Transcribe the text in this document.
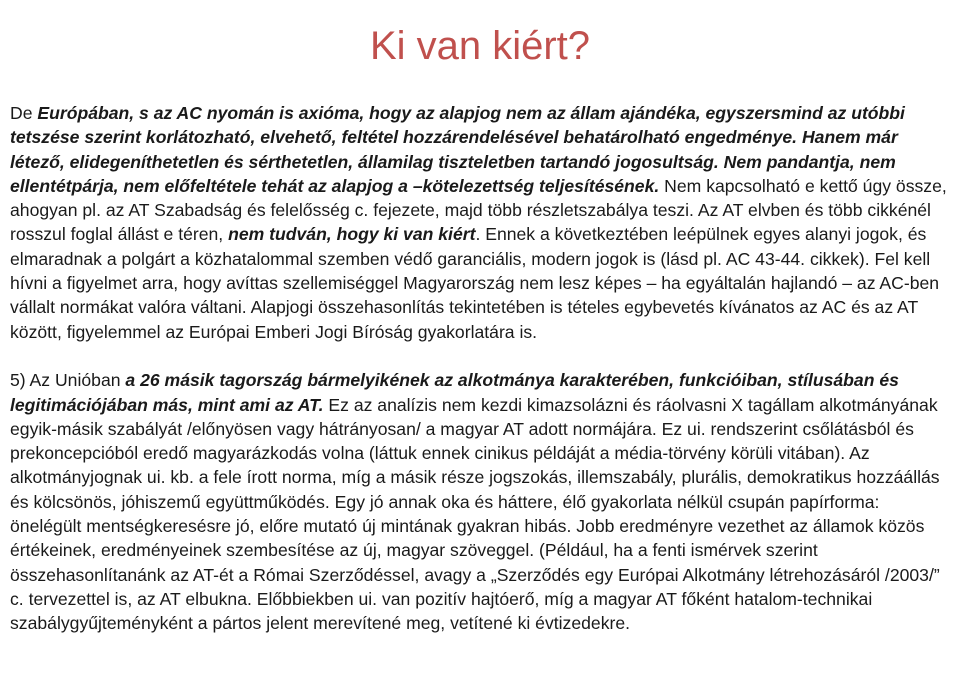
Ki van kiért?

De Európában, s az AC nyomán is axióma, hogy az alapjog nem az állam ajándéka, egyszersmind az utóbbi tetszése szerint korlátozható, elvehető, feltétel hozzárendelésével behatárolható engedménye. Hanem már létező, elidegeníthetetlen és sérthetetlen, államilag tiszteletben tartandó jogosultság. Nem pandantja, nem ellentétpárja, nem előfeltétele tehát az alapjog a –kötelezettség teljesítésének. Nem kapcsolható e kettő úgy össze, ahogyan pl. az AT Szabadság és felelősség c. fejezete, majd több részletszabálya teszi. Az AT elvben és több cikkénél rosszul foglal állást e téren, nem tudván, hogy ki van kiért. Ennek a következtében leépülnek egyes alanyi jogok, és elmaradnak a polgárt a közhatalommal szemben védő garanciális, modern jogok is (lásd pl. AC 43-44. cikkek). Fel kell hívni a figyelmet arra, hogy avíttas szellemiséggel Magyarország nem lesz képes – ha egyáltalán hajlandó – az AC-ben vállalt normákat valóra váltani. Alapjogi összehasonlítás tekintetében is tételes egybevetés kívánatos az AC és az AT között, figyelemmel az Európai Emberi Jogi Bíróság gyakorlatára is.

5) Az Unióban a 26 másik tagország bármelyikének az alkotmánya karakterében, funkcióiban, stílusában és legitimációjában más, mint ami az AT. Ez az analízis nem kezdi kimazsolázni és ráolvasni X tagállam alkotmányának egyik-másik szabályát /előnyösen vagy hátrányosan/ a magyar AT adott normájára. Ez ui. rendszerint csőlátásból és prekoncepcióból eredő magyarázkodás volna (láttuk ennek cinikus példáját a média-törvény körüli vitában). Az alkotmányjognak ui. kb. a fele írott norma, míg a másik része jogszokás, illemszabály, plurális, demokratikus hozzáállás és kölcsönös, jóhiszemű együttműködés. Egy jó annak oka és háttere, élő gyakorlata nélkül csupán papírforma: önelégült mentségkeresésre jó, előre mutató új mintának gyakran hibás. Jobb eredményre vezethet az államok közös értékeinek, eredményeinek szembesítése az új, magyar szöveggel. (Például, ha a fenti ismérvek szerint összehasonlítanánk az AT-ét a Római Szerződéssel, avagy a „Szerződés egy Európai Alkotmány létrehozásáról /2003/” c. tervezettel is, az AT elbukna. Előbbiekben ui. van pozitív hajtóerő, míg a magyar AT főként hatalom-technikai szabálygyűjteményként a pártos jelent merevítené meg, vetítené ki évtizedekre.
